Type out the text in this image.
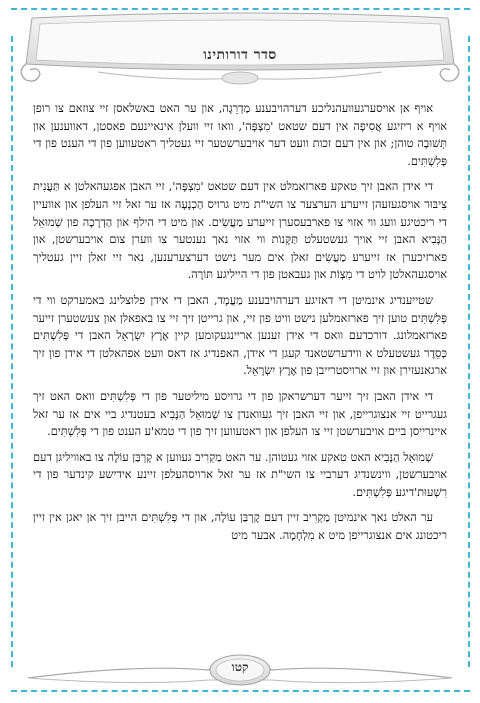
סדר דורותינו

אויף אן אויסערגעוועהנליכע דערהויבענע מַדְרֵגָה, און ער האט באשלאסן זיי צוזאם צו רופן אויף א ריזיגע אֲסִיפָה אין דעם שטאט 'מִצְפָּה', וואו זיי וועלן אינאיינעם פאסטן, דאווענען און תְּשׁוּבָה טוהן; און אין דעם זכות וועט דער אויבערשטער זיי געטליך ראטעווען פון די הענט פון די פְּלִשְׁתִּים.

די אידן האבן זיך טאקע פארזאמלט אין דעם שטאט 'מִצְפָּה', זיי האבן אפגעהאלטן א תַּעֲנִית צִיבּוּר אויסגעזעהן זייערע הערצער צו השי"ת מיט גרויס הַכְנָעָה אז ער זאל זיי העלפן און אוועיין די ריכטיגע וועג ווי אזוי צו פארבעסערן זייערע מַעֲשִׂים. און מיט די הילף און הַדְרָכָה פון שְׁמוּאֵל הַנָּבִיא האבן זיי אויך געשטעלט תַּקָּנוֹת ווי אזוי נאך נענטער צו ווערן צום אויבערשטן, און פארזיכערן אז זייערע מַעֲשִׂים זאלן אים מער נישט דערצערענען, נאר זיי זאלן זיין געטליך אויסגעהאלטן לויט די מִצְוֹת און געבאטן פון די הייליגע תּוֹרָה.

שטייענדיג אינמיטן די דאזיגע דערהויבענע מַעֲמָד, האבן די אידן פלוצלינג באמערקט ווי די פְּלִשְׁתִּים טוען זיך פארזאמלען נישט וויט פון זיי, און גרייטן זיך זיי צו באפאלן און צעשטערן זייער פארזאמלונג. דורכדעם וואס די אידן זענען אריינגעקומען קיין אֶרֶץ יִשְׂרָאֵל האבן די פְּלִשְׁתִּים כְּסֵדֶר געשטעלט א ווידערשטאנד קעגן די אידן, האפנדיג אז דאס וועט אפהאלטן די אידן פון זיך ארגאנעזירן און זיי ארויסטרייבן פון אֶרֶץ יִשְׂרָאֵל.

די אידן האבן זיך זייער דערשראקן פון די גרויסע מיליטער פון די פְּלִשְׁתִּים וואס האט זיך געגרייט זיי אנצוגרייפן, און זיי האבן זיך געוואנדן צו שְׁמוּאֵל הַנָּבִיא בעטנדיג ביי אים אז ער זאל איינרייסן ביים אויבערשטן זיי צו העלפן און ראטעווען זיך פון די טמא'ע הענט פון די פְּלִשְׁתִּים.

שְׁמוּאֵל הַנָּבִיא האט טאקע אזוי געטוהן. ער האט מַקְרִיב געווען א קָרְבַּן עוֹלָה צו באוויליגן דעם אויבערשטן, ווינשנדיג דערביי צו השי"ת אז ער זאל ארויסהעלפן זיינע אידישע קינדער פון די רִשְׁעוּת'דיגע פְּלִשְׁתִּים.

ער האלט נאך אינמיטן מַקְרִיב זיין דעם קָרְבַּן עוֹלָה, און די פְּלִשְׁתִּים הייבן זיך אן יאגן אין זיין ריכטונג אים אנצוגרייפן מיט א מִלְחָמָה. אבער מיט

קטו
